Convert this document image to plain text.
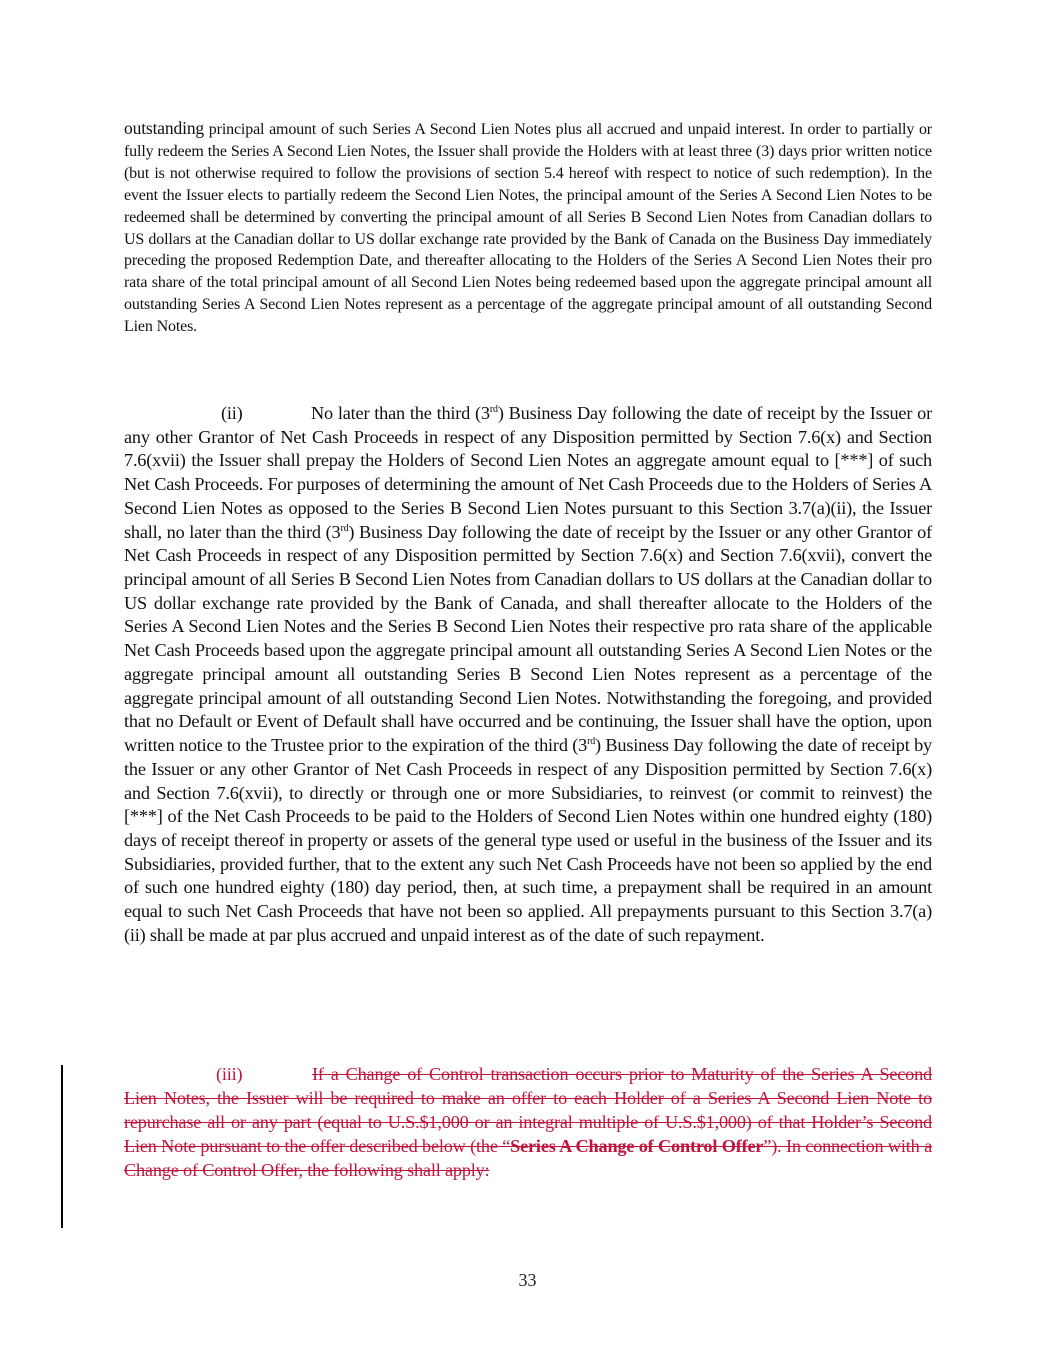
outstanding principal amount of such Series A Second Lien Notes plus all accrued and unpaid interest. In order to partially or fully redeem the Series A Second Lien Notes, the Issuer shall provide the Holders with at least three (3) days prior written notice (but is not otherwise required to follow the provisions of section 5.4 hereof with respect to notice of such redemption). In the event the Issuer elects to partially redeem the Second Lien Notes, the principal amount of the Series A Second Lien Notes to be redeemed shall be determined by converting the principal amount of all Series B Second Lien Notes from Canadian dollars to US dollars at the Canadian dollar to US dollar exchange rate provided by the Bank of Canada on the Business Day immediately preceding the proposed Redemption Date, and thereafter allocating to the Holders of the Series A Second Lien Notes their pro rata share of the total principal amount of all Second Lien Notes being redeemed based upon the aggregate principal amount all outstanding Series A Second Lien Notes represent as a percentage of the aggregate principal amount of all outstanding Second Lien Notes.

(ii)	No later than the third (3rd) Business Day following the date of receipt by the Issuer or any other Grantor of Net Cash Proceeds in respect of any Disposition permitted by Section 7.6(x) and Section 7.6(xvii) the Issuer shall prepay the Holders of Second Lien Notes an aggregate amount equal to [***] of such Net Cash Proceeds. For purposes of determining the amount of Net Cash Proceeds due to the Holders of Series A Second Lien Notes as opposed to the Series B Second Lien Notes pursuant to this Section 3.7(a)(ii), the Issuer shall, no later than the third (3rd) Business Day following the date of receipt by the Issuer or any other Grantor of Net Cash Proceeds in respect of any Disposition permitted by Section 7.6(x) and Section 7.6(xvii), convert the principal amount of all Series B Second Lien Notes from Canadian dollars to US dollars at the Canadian dollar to US dollar exchange rate provided by the Bank of Canada, and shall thereafter allocate to the Holders of the Series A Second Lien Notes and the Series B Second Lien Notes their respective pro rata share of the applicable Net Cash Proceeds based upon the aggregate principal amount all outstanding Series A Second Lien Notes or the aggregate principal amount all outstanding Series B Second Lien Notes represent as a percentage of the aggregate principal amount of all outstanding Second Lien Notes. Notwithstanding the foregoing, and provided that no Default or Event of Default shall have occurred and be continuing, the Issuer shall have the option, upon written notice to the Trustee prior to the expiration of the third (3rd) Business Day following the date of receipt by the Issuer or any other Grantor of Net Cash Proceeds in respect of any Disposition permitted by Section 7.6(x) and Section 7.6(xvii), to directly or through one or more Subsidiaries, to reinvest (or commit to reinvest) the [***] of the Net Cash Proceeds to be paid to the Holders of Second Lien Notes within one hundred eighty (180) days of receipt thereof in property or assets of the general type used or useful in the business of the Issuer and its Subsidiaries, provided further, that to the extent any such Net Cash Proceeds have not been so applied by the end of such one hundred eighty (180) day period, then, at such time, a prepayment shall be required in an amount equal to such Net Cash Proceeds that have not been so applied. All prepayments pursuant to this Section 3.7(a)(ii) shall be made at par plus accrued and unpaid interest as of the date of such repayment.

(iii)	If a Change of Control transaction occurs prior to Maturity of the Series A Second Lien Notes, the Issuer will be required to make an offer to each Holder of a Series A Second Lien Note to repurchase all or any part (equal to U.S.$1,000 or an integral multiple of U.S.$1,000) of that Holder’s Second Lien Note pursuant to the offer described below (the “Series A Change of Control Offer”). In connection with a Change of Control Offer, the following shall apply:

33
